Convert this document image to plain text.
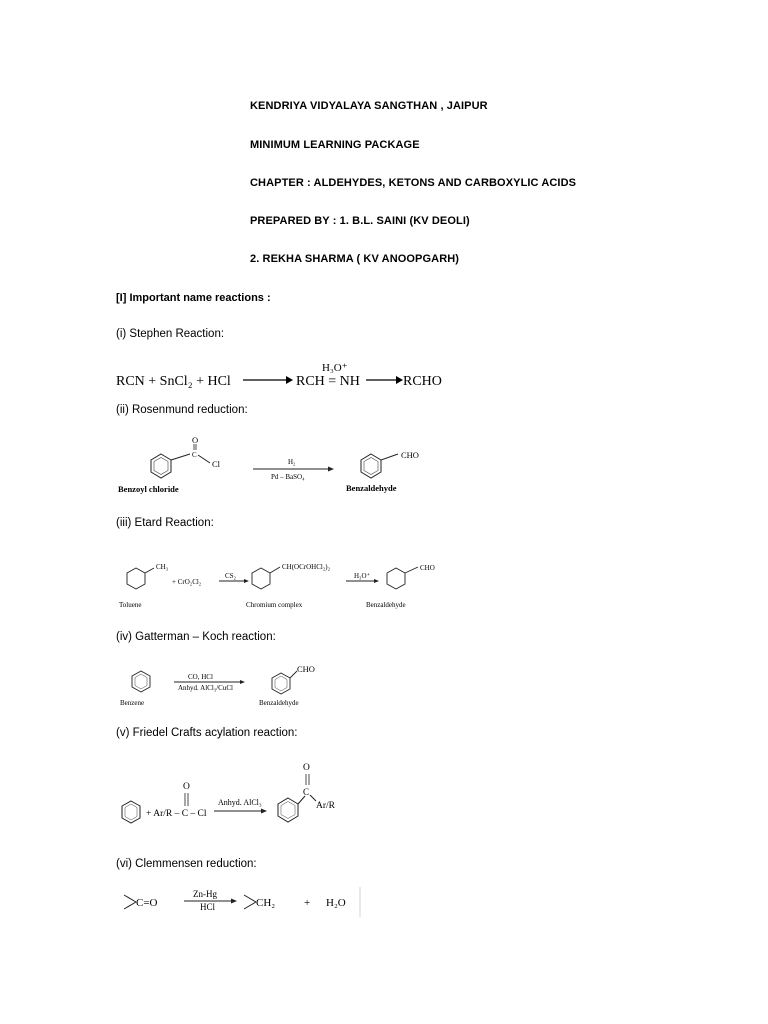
KENDRIYA VIDYALAYA SANGTHAN , JAIPUR
MINIMUM LEARNING PACKAGE
CHAPTER : ALDEHYDES, KETONS AND CARBOXYLIC ACIDS
PREPARED BY : 1. B.L. SAINI (KV DEOLI)
2. REKHA SHARMA ( KV ANOOPGARH)
[I] Important name reactions :
(i) Stephen Reaction:
RCN + SnCl₂ + HCl	RCH = NH
H₃O⁺
RCHO
(ii) Rosenmund reduction:
C
O
Cl	H₂
Pd – BaSO₄
CHO
Benzoyl chloride	Benzaldehyde
(iii) Etard Reaction:
CH₃
+ CrO₂Cl₂
CS₂
CH(OCrOHCl₂)₂
H₃O⁺
CHO
Toluene	Chromium complex	Benzaldehyde
(iv) Gatterman – Koch reaction:
CO, HCl
Anhyd. AlCl₃/CuCl
CHO
Benzene	Benzaldehyde
(v) Friedel Crafts acylation reaction:
+ Ar/R – C – Cl
O
Anhyd. AlCl₃
C
O
Ar/R
(vi) Clemmensen reduction:
C=O
Zn-Hg
HCl	CH₂	+ H₂O
